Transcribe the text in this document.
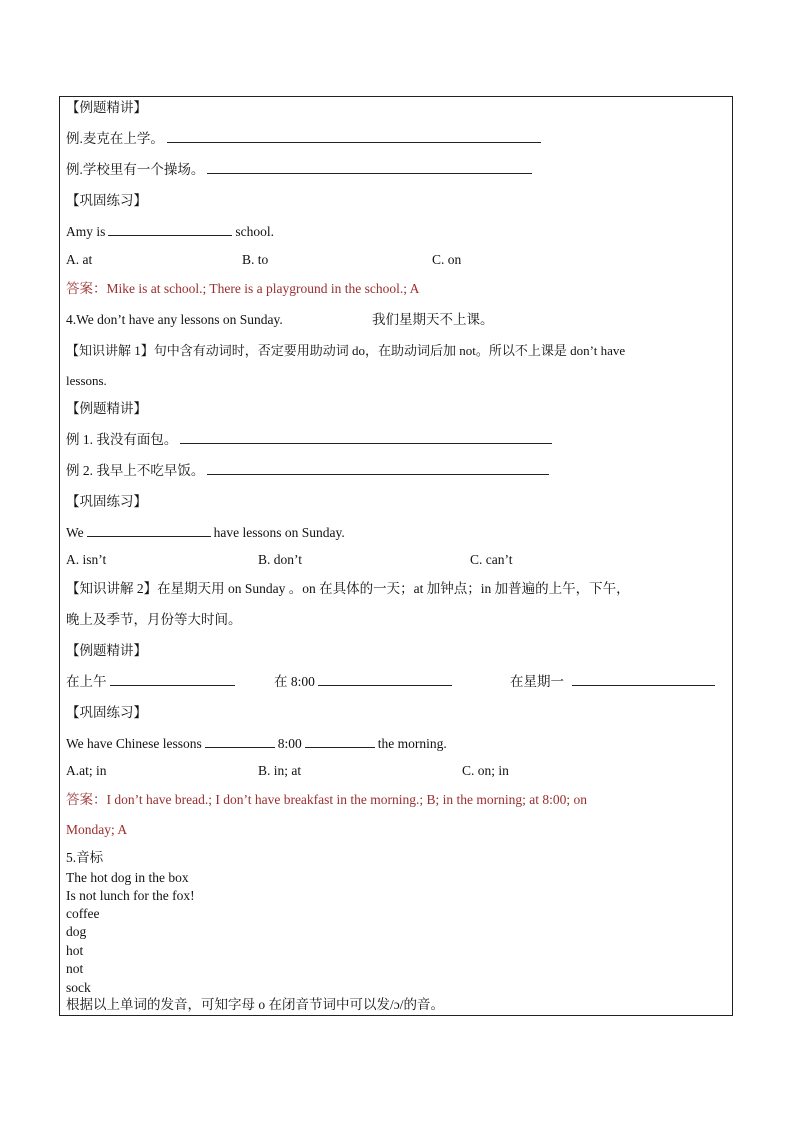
【例题精讲】
例.麦克在上学。
例.学校里有一个操场。
【巩固练习】
Amy is	school.
A. at	B. to	C. on
答案：Mike is at school.; There is a playground in the school.; A
4.We don’t have any lessons on Sunday.	我们星期天不上课。
【知识讲解 1】句中含有动词时，否定要用助动词 do，在助动词后加 not。所以不上课是 don’t have
lessons.
【例题精讲】
例 1. 我没有面包。
例 2. 我早上不吃早饭。
【巩固练习】
We	have lessons on Sunday.
A. isn’t	B. don’t	C. can’t
【知识讲解 2】在星期天用 on Sunday 。on 在具体的一天；at 加钟点；in 加普遍的上午，下午，
晚上及季节，月份等大时间。
【例题精讲】
在上午	在 8:00	在星期一
【巩固练习】
We have Chinese lessons	8:00	the morning.
A.at; in	B. in; at	C. on; in
答案：I don’t have bread.; I don’t have breakfast in the morning.; B; in the morning; at 8:00; on
Monday; A
5.音标
The hot dog in the box
Is not lunch for the fox!
coffee
dog
hot
not
sock
根据以上单词的发音，可知字母 o 在闭音节词中可以发/ɔ/的音。
